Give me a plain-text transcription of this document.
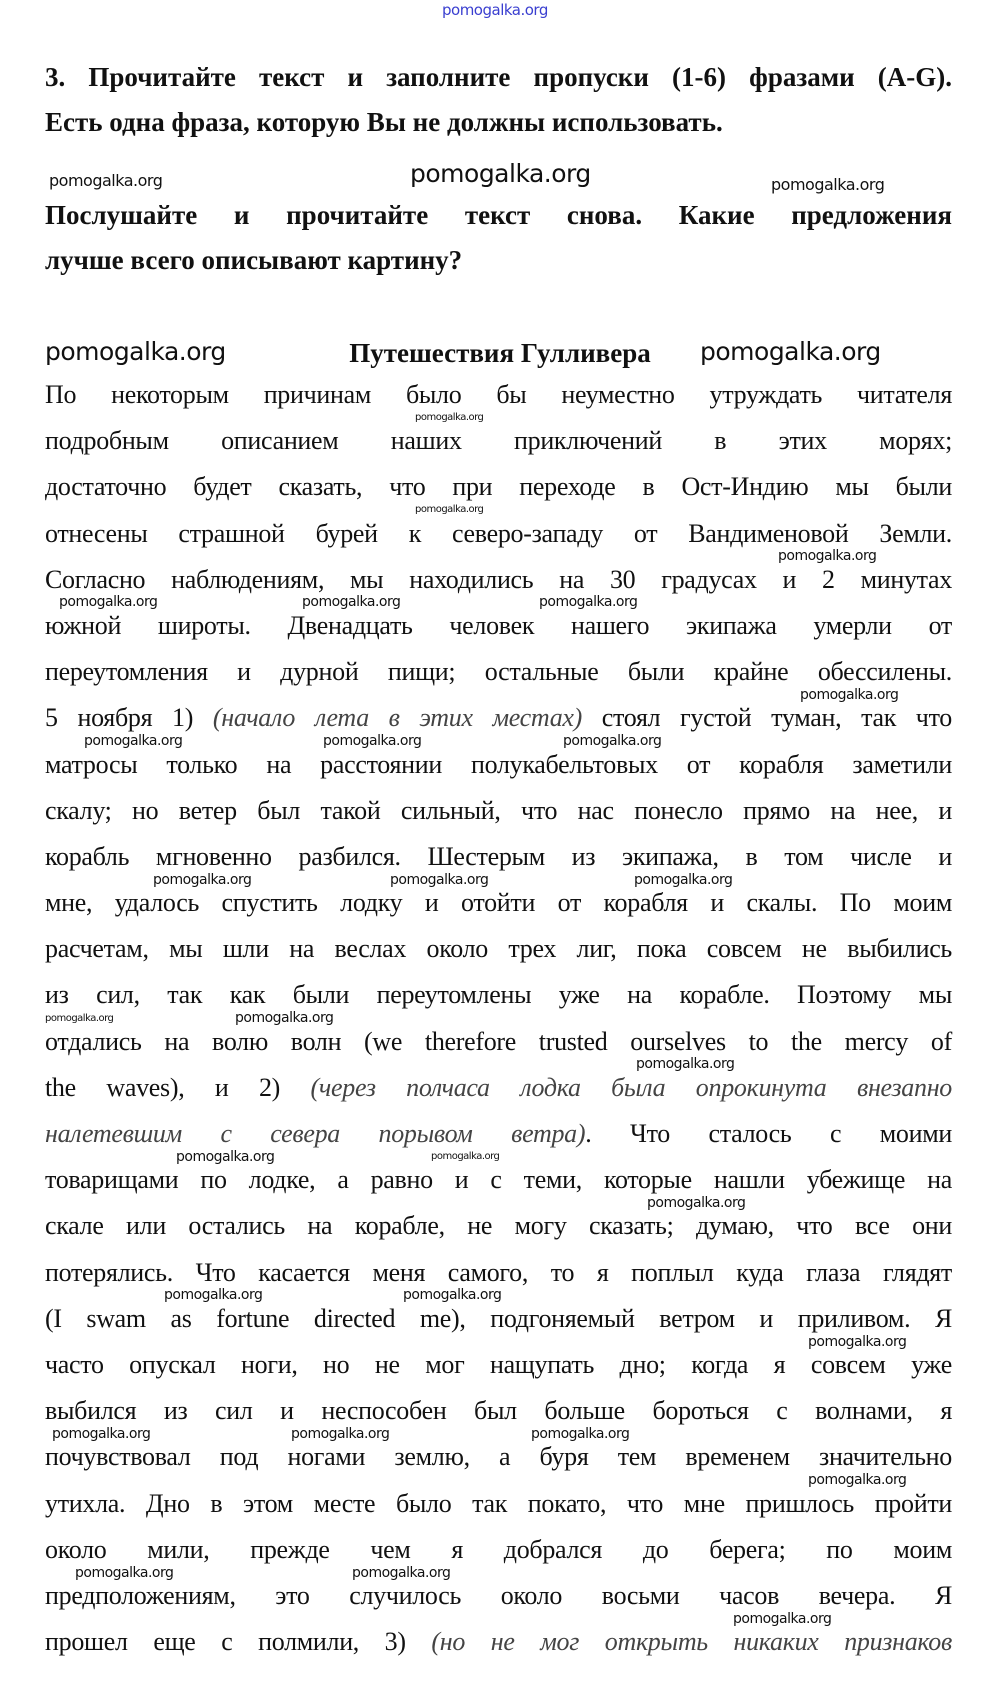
pomogalka.org
3. Прочитайте текст и заполните пропуски (1-6) фразами (A-G).
Есть одна фраза, которую Вы не должны использовать.
Послушайте и прочитайте текст снова. Какие предложения
лучше всего описывают картину?
Путешествия Гулливера
По некоторым причинам было бы неуместно утруждать читателя
подробным описанием наших приключений в этих морях;
достаточно будет сказать, что при переходе в Ост-Индию мы были
отнесены страшной бурей к северо-западу от Вандименовой Земли.
Согласно наблюдениям, мы находились на 30 градусах и 2 минутах
южной широты. Двенадцать человек нашего экипажа умерли от
переутомления и дурной пищи; остальные были крайне обессилены.
5 ноября 1) (начало лета в этих местах) стоял густой туман, так что
матросы только на расстоянии полукабельтовых от корабля заметили
скалу; но ветер был такой сильный, что нас понесло прямо на нее, и
корабль мгновенно разбился. Шестерым из экипажа, в том числе и
мне, удалось спустить лодку и отойти от корабля и скалы. По моим
расчетам, мы шли на веслах около трех лиг, пока совсем не выбились
из сил, так как были переутомлены уже на корабле. Поэтому мы
отдались на волю волн (we therefore trusted ourselves to the mercy of
the waves), и 2) (через полчаса лодка была опрокинута внезапно
налетевшим с севера порывом ветра). Что сталось с моими
товарищами по лодке, а равно и с теми, которые нашли убежище на
скале или остались на корабле, не могу сказать; думаю, что все они
потерялись. Что касается меня самого, то я поплыл куда глаза глядят
(I swam as fortune directed me), подгоняемый ветром и приливом. Я
часто опускал ноги, но не мог нащупать дно; когда я совсем уже
выбился из сил и неспособен был больше бороться с волнами, я
почувствовал под ногами землю, а буря тем временем значительно
утихла. Дно в этом месте было так покато, что мне пришлось пройти
около мили, прежде чем я добрался до берега; по моим
предположениям, это случилось около восьми часов вечера. Я
прошел еще с полмили, 3) (но не мог открыть никаких признаков
pomogalka.org	pomogalka.org	pomogalka.org
pomogalka.org	pomogalka.org
pomogalka.org
pomogalka.org
pomogalka.org
pomogalka.org	pomogalka.org	pomogalka.org
pomogalka.org
pomogalka.org	pomogalka.org	pomogalka.org
pomogalka.org	pomogalka.org	pomogalka.org
pomogalka.org	pomogalka.org
pomogalka.org
pomogalka.org	pomogalka.org
pomogalka.org
pomogalka.org	pomogalka.org
pomogalka.org
pomogalka.org	pomogalka.org	pomogalka.org
pomogalka.org
pomogalka.org	pomogalka.org
pomogalka.org
